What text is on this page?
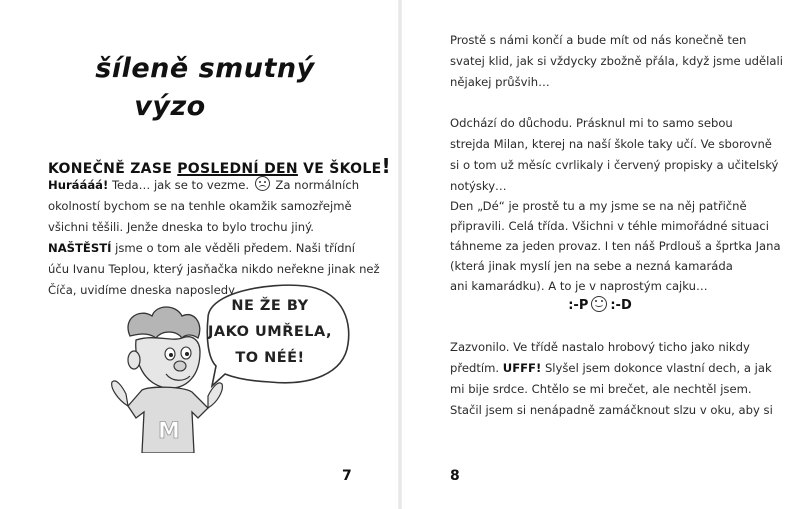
šíleně smutný
výzo
KONEČNĚ ZASE POSLEDNÍ DEN VE ŠKOLE!
Huráááá! Teda… jak se to vezme.  Za normálních
okolností bychom se na tenhle okamžik samozřejmě
všichni těšili. Jenže dneska to bylo trochu jiný.
NAŠTĚSTÍ jsme o tom ale věděli předem. Naši třídní
úču Ivanu Teplou, který jasňačka nikdo neřekne jinak než
Číča, uvidíme dneska naposledy.
M
NE ŽE BY
JAKO UMŘELA,
TO NÉÉ!
7
Prostě s námi končí a bude mít od nás konečně ten
svatej klid, jak si vždycky zbožně přála, když jsme udělali
nějakej průšvih…
Odchází do důchodu. Prásknul mi to samo sebou
strejda Milan, kterej na naší škole taky učí. Ve sborovně
si o tom už měsíc cvrlikaly i červený propisky a učitelský
notýsky…
Den „Dé“ je prostě tu a my jsme se na něj patřičně
připravili. Celá třída. Všichni v téhle mimořádné situaci
táhneme za jeden provaz. I ten náš Prdlouš a šprtka Jana
(která jinak myslí jen na sebe a nezná kamaráda
ani kamarádku). A to je v naprostým cajku…
:-P :-D
Zazvonilo. Ve třídě nastalo hrobový ticho jako nikdy
předtím. UFFF! Slyšel jsem dokonce vlastní dech, a jak
mi bije srdce. Chtělo se mi brečet, ale nechtěl jsem.
Stačil jsem si nenápadně zamáčknout slzu v oku, aby si
8
